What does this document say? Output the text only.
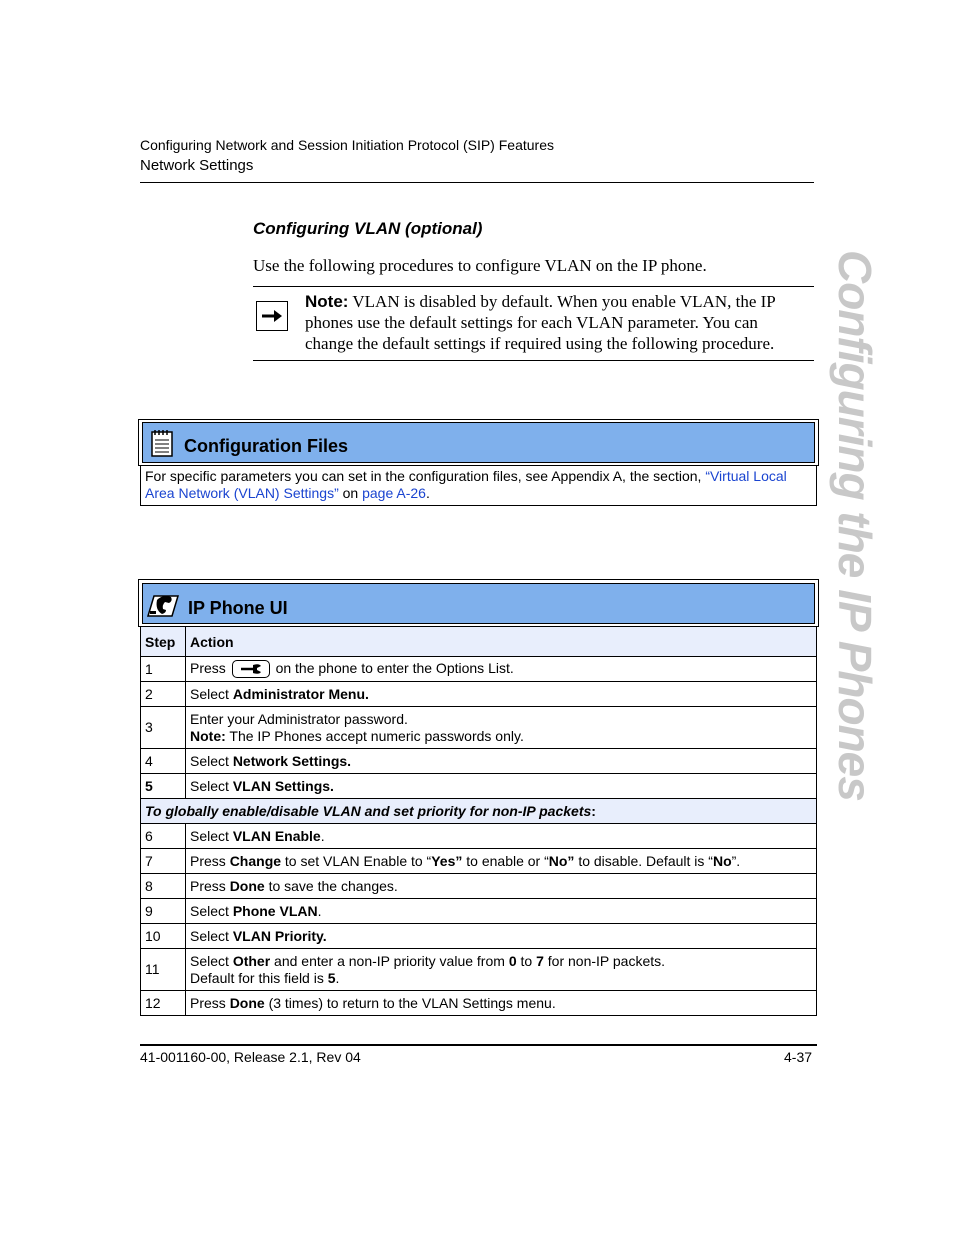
Configuring Network and Session Initiation Protocol (SIP) Features
Network Settings
Configuring the IP Phones
Configuring VLAN (optional)
Use the following procedures to configure VLAN on the IP phone.
Note: VLAN is disabled by default. When you enable VLAN, the IP phones use the default settings for each VLAN parameter. You can change the default settings if required using the following procedure.
Configuration Files
For specific parameters you can set in the configuration files, see Appendix A, the section, “Virtual Local Area Network (VLAN) Settings” on page A-26.
IP Phone UI
Step	Action
1	Press on the phone to enter the Options List.
2	Select Administrator Menu.
3	Enter your Administrator password.
Note: The IP Phones accept numeric passwords only.
4	Select Network Settings.
5	Select VLAN Settings.
To globally enable/disable VLAN and set priority for non-IP packets:	
6	Select VLAN Enable.
7	Press Change to set VLAN Enable to “Yes” to enable or “No” to disable. Default is “No”.
8	Press Done to save the changes.
9	Select Phone VLAN.
10	Select VLAN Priority.
11	Select Other and enter a non-IP priority value from 0 to 7 for non-IP packets.
Default for this field is 5.
12	Press Done (3 times) to return to the VLAN Settings menu.
41-001160-00, Release 2.1, Rev 04	4-37
